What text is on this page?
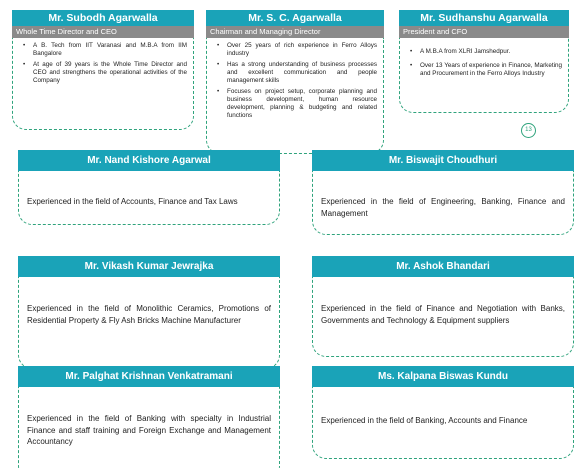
Mr. Subodh Agarwalla
Whole Time Director and CEO
• A B. Tech from IIT Varanasi and M.B.A from IIM Bangalore
• At age of 39 years is the Whole Time Director and CEO and strengthens the operational activities of the Company
Mr. S. C. Agarwalla
Chairman and Managing Director
• Over 25 years of rich experience in Ferro Alloys industry
• Has a strong understanding of business processes and excellent communication and people management skills
• Focuses on project setup, corporate planning and business development, human resource development, planning & budgeting and related functions
Mr. Sudhanshu Agarwalla
President and CFO
• A M.B.A from XLRI Jamshedpur.
• Over 13 Years of experience in Finance, Marketing and Procurement in the Ferro Alloys Industry
13
Mr. Nand Kishore Agarwal
Independent Director
Experienced in the field of Accounts, Finance and Tax Laws
Mr. Biswajit Choudhuri
Independent Director
Experienced in the field of Engineering, Banking, Finance and Management
Mr. Vikash Kumar Jewrajka
Independent Director
Experienced in the field of Monolithic Ceramics, Promotions of Residential Property & Fly Ash Bricks Machine Manufacturer
Mr. Ashok Bhandari
Independent Director
Experienced in the field of Finance and Negotiation with Banks, Governments and Technology & Equipment suppliers
Mr. Palghat Krishnan Venkatramani
Independent Director
Experienced in the field of Banking with specialty in Industrial Finance and staff training and Foreign Exchange and Management Accountancy
Ms. Kalpana Biswas Kundu
Independent Director
Experienced in the field of Banking, Accounts and Finance
